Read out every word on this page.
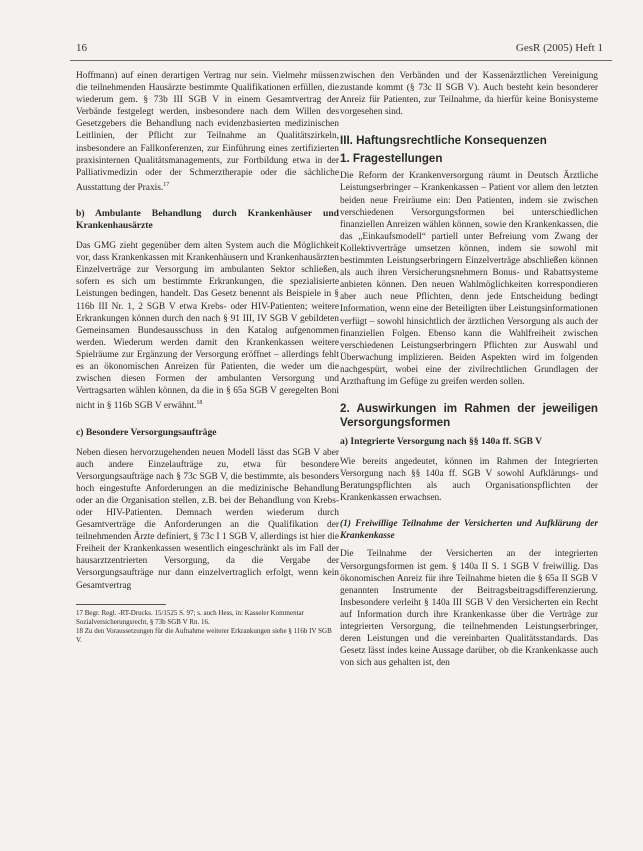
16	GesR (2005) Heft 1

Hoffmann) auf einen derartigen Vertrag nur sein. Vielmehr müssen die teilnehmenden Hausärzte bestimmte Qualifikationen erfüllen, die wiederum gem. § 73b III SGB V in einem Gesamtvertrag der Verbände festgelegt werden, insbesondere nach dem Willen des Gesetzgebers die Behandlung nach evidenzbasierten medizinischen Leitlinien, der Pflicht zur Teilnahme an Qualitätszirkeln, insbesondere an Fallkonferenzen, zur Einführung eines zertifizierten praxisinternen Qualitätsmanagements, zur Fortbildung etwa in der Palliativmedizin oder der Schmerztherapie oder die sächliche Ausstattung der Praxis.$^{17}$

b) Ambulante Behandlung durch Krankenhäuser und Krankenhausärzte

Das GMG zieht gegenüber dem alten System auch die Möglichkeit vor, dass Krankenkassen mit Krankenhäusern und Krankenhausärzten Einzelverträge zur Versorgung im ambulanten Sektor schließen, sofern es sich um bestimmte Erkrankungen, die spezialisierte Leistungen bedingen, handelt. Das Gesetz benennt als Beispiele in § 116b III Nr. 1, 2 SGB V etwa Krebs- oder HIV-Patienten; weitere Erkrankungen können durch den nach § 91 III, IV SGB V gebildeten Gemeinsamen Bundesausschuss in den Katalog aufgenommen werden. Wiederum werden damit den Krankenkassen weitere Spielräume zur Ergänzung der Versorgung eröffnet – allerdings fehlt es an ökonomischen Anreizen für Patienten, die weder um die zwischen diesen Formen der ambulanten Versorgung und Vertragsarten wählen können, da die in § 65a SGB V geregelten Boni nicht in § 116b SGB V erwähnt.$^{18}$

c) Besondere Versorgungsaufträge

Neben diesen hervorzugehenden neuen Modell lässt das SGB V aber auch andere Einzelaufträge zu, etwa für besondere Versorgungsaufträge nach § 73c SGB V, die bestimmte, als besonders hoch eingestufte Anforderungen an die medizinische Behandlung oder an die Organisation stellen, z.B. bei der Behandlung von Krebs- oder HIV-Patienten. Demnach werden wiederum durch Gesamtverträge die Anforderungen an die Qualifikation der teilnehmenden Ärzte definiert, § 73c I 1 SGB V, allerdings ist hier die Freiheit der Krankenkassen wesentlich eingeschränkt als im Fall der hausarztzentrierten Versorgung, da die Vergabe der Versorgungsaufträge nur dann einzelvertraglich erfolgt, wenn kein Gesamtvertrag

17 Begr. Regl. -RT-Drucks. 15/1525 S. 97; s. auch Hess, in: Kasseler Kommentar Sozialversicherungsrecht, § 73b SGB V Rn. 16.

18 Zu den Voraussetzungen für die Aufnahme weiterer Erkrankungen siehe § 116b IV SGB V.

zwischen den Verbänden und der Kassenärztlichen Vereinigung zustande kommt (§ 73c II SGB V). Auch besteht kein besonderer Anreiz für Patienten, zur Teilnahme, da hierfür keine Bonisysteme vorgesehen sind.

III. Haftungsrechtliche Konsequenzen
1. Fragestellungen

Die Reform der Krankenversorgung räumt in Deutsch Ärztliche Leistungserbringer – Krankenkassen – Patient vor allem den letzten beiden neue Freiräume ein: Den Patienten, indem sie zwischen verschiedenen Versorgungsformen bei unterschiedlichen finanziellen Anreizen wählen können, sowie den Krankenkassen, die das „Einkaufsmodell“ partiell unter Befreiung vom Zwang der Kollektivverträge umsetzen können, indem sie sowohl mit bestimmten Leistungserbringern Einzelverträge abschließen können als auch ihren Versicherungsnehmern Bonus- und Rabattsysteme anbieten können. Den neuen Wahlmöglichkeiten korrespondieren aber auch neue Pflichten, denn jede Entscheidung bedingt Information, wenn eine der Beteiligten über Leistungsinformationen verfügt – sowohl hinsichtlich der ärztlichen Versorgung als auch der finanziellen Folgen. Ebenso kann die Wahlfreiheit zwischen verschiedenen Leistungserbringern Pflichten zur Auswahl und Überwachung implizieren. Beiden Aspekten wird im folgenden nachgespürt, wobei eine der zivilrechtlichen Grundlagen der Arzthaftung im Gefüge zu greifen werden sollen.

2. Auswirkungen im Rahmen der jeweiligen Versorgungsformen
a) Integrierte Versorgung nach §§ 140a ff. SGB V

Wie bereits angedeutet, können im Rahmen der Integrierten Versorgung nach §§ 140a ff. SGB V sowohl Aufklärungs- und Beratungspflichten als auch Organisationspflichten der Krankenkassen erwachsen.

(1) Freiwillige Teilnahme der Versicherten und Aufklärung der Krankenkasse

Die Teilnahme der Versicherten an der integrierten Versorgungsformen ist gem. § 140a II S. 1 SGB V freiwillig. Das ökonomischen Anreiz für ihre Teilnahme bieten die § 65a II SGB V genannten Instrumente der Beitragsbeitragsdifferenzierung. Insbesondere verleiht § 140a III SGB V den Versicherten ein Recht auf Information durch ihre Krankenkasse über die Verträge zur integrierten Versorgung, die teilnehmenden Leistungserbringer, deren Leistungen und die vereinbarten Qualitätsstandards. Das Gesetz lässt indes keine Aussage darüber, ob die Krankenkasse auch von sich aus gehalten ist, den
